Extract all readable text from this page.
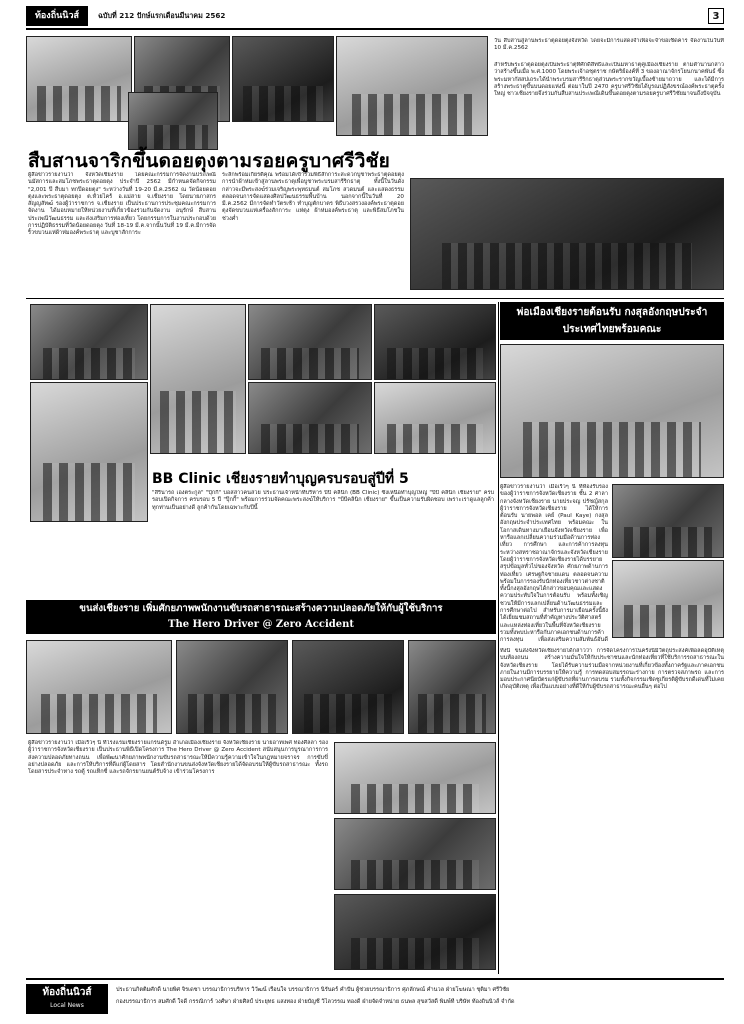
ท้องถิ่นนิวส์	ฉบับที่ 212 ปักษ์แรกเดือนมีนาคม 2562	3
สืบสานจาริกขึ้นดอยตุงตามรอยครูบาศรีวิชัย
วัน สืบสานสู่ลานพระธาตุดอยตุงจังหวัด โดยจะมีการแสดงจำเพื่อจะจำขอเชิดคาร จัดงานในวันที่ 10 มี.ค.2562
สำหรับพระธาตุดอยตุงเป็นพระธาตุที่ศักดิ์สิทธิ์และเป็นมหาธาตุคู่เมืองเชียงราย ตามตำนานกล่าวว่าสร้างขึ้นเมื่อ พ.ศ.1000 โดยพระเจ้าอชุตราช กษัตริย์องค์ที่ 3 ของอาณาจักรโยนกนาคพันธ์ ซึ่งพระมหากัสสปเถระได้นำพระบรมสารีริกธาตุส่วนพระรากขวัญเบื้องซ้ายมาถวาย และได้มีการสร้างพระธาตุขึ้นบนดอยแห่งนี้ ต่อมาในปี 2470 ครูบาศรีวิชัยได้บูรณปฏิสังขรณ์องค์พระธาตุครั้งใหญ่ ชาวเชียงรายจึงร่วมกันสืบสานประเพณีเดินขึ้นดอยตุงตามรอยครูบาศรีวิชัยมาจนถึงปัจจุบัน
ผู้สื่อข่าวรายงานว่า จังหวัดเชียงราย โดยคณะกรรมการจัดงานประเพณีนมัสการและสมโภชพระธาตุดอยตุง ประจำปี 2562 มีกำหนดจัดกิจกรรม "2,001 ปี สืบมา ทกปีดอยตุง" ระหว่างวันที่ 19-20 มี.ค.2562 ณ วัดน้อยดอยตุงและพระธาตุดอยตุง ต.ห้วยไคร้ อ.แม่สาย จ.เชียงราย โดยนายภาสกร สัญญสัทฒ์ รองผู้ว่าราชการ จ.เชียงราย เป็นประธานการประชุมคณะกรรมการจัดงาน ได้มอบหมายให้หน่วยงานที่เกี่ยวข้องร่วมกันจัดงาน อนุรักษ์ สืบสานประเพณีวัฒนธรรม และส่งเสริมการท่องเที่ยว โดยกรรมการในงานประกอบด้วยการปฏิบัติธรรมที่วัดน้อยดอยตุง วันที่ 18-19 มี.ค.จากนั้นวันที่ 19 มี.ค.มีการจัดริ้วขบวนแห่ผ้าห่มองค์พระธาตุ และบูชาสักการะ
ระลึกพร้อมเกียรติคุณ พร้อมได้เข้าร่วมพิธีสักการะสะดวกบูชาพระธาตุดอยตุง การนำผ้าห่มเข้าสู่ลานพระธาตุเพื่อบูชาพระบรมสารีริกธาตุ ทั้งนี้ในวันดังกล่าวจะมีพระสงฆ์ร่วมเจริญพระพุทธมนต์ สมโภช สวดมนต์ และแสดงธรรม ตลอดจนการจัดแสดงศิลปวัฒนธรรมพื้นบ้าน นอกจากนี้ในวันที่ 20 มี.ค.2562 มีการจัดทำวัตรเช้า ทำบุญตักบาตร พิธีบวงสรวงองค์พระธาตุดอยตุงจัดขบวนแห่เครื่องสักการะ แห่ตุง ผ้าห่มองค์พระธาตุ และพิธีสมโภชในช่วงค่ำ
BB Clinic เชียงรายทำบุญครบรอบสู่ปีที่ 5
"สิรินารถ เองตระกูล" "ปุ๊กกี้" บอสสาวคนสวย ประธานเจ้าหน้าที่บริหาร บีบี คลินิก (BB Clinic) ซึ่งเหนือทำบุญใหญ่ "บีบี คลินิก เชียงราย" ครบรอบเปิดกิจการ ครบรอบ 5 ปี "ปุ๊กกี้" พร้อมการร่วมจัดคณะพระสงฆ์ให้บริการ "บีบีคลินิก เชียงราย" ขึ้นเป็นความรับผิดชอบ เพราะเราดูแลลูกค้าทุกท่านเป็นอย่างดี ลูกค้ากันโดยเฉพาะกับปีนี้
พ่อเมืองเชียงรายต้อนรับ กงสุลอังกฤษประจำประเทศไทยพร้อมคณะ
ผู้สื่อข่าวรายงานว่า เมื่อเร็วๆ นี้ ที่ห้องรับรองของผู้ว่าราชการจังหวัดเชียงราย ชั้น 2 ศาลากลางจังหวัดเชียงราย นายประจญ ปรัชญ์สกุล ผู้ว่าราชการจังหวัดเชียงราย ได้ให้การต้อนรับ นายพอล เคย์ (Paul Kaye) กงสุลอังกฤษประจำประเทศไทย พร้อมคณะ ในโอกาสเดินทางมาเยือนจังหวัดเชียงราย เพื่อหารือแลกเปลี่ยนความร่วมมือด้านการท่องเที่ยว การศึกษา และการค้าการลงทุน ระหว่างสหราชอาณาจักรและจังหวัดเชียงราย โดยผู้ว่าราชการจังหวัดเชียงรายได้บรรยายสรุปข้อมูลทั่วไปของจังหวัด ศักยภาพด้านการท่องเที่ยว เศรษฐกิจชายแดน ตลอดจนความพร้อมในการรองรับนักท่องเที่ยวชาวต่างชาติ ทั้งนี้กงสุลอังกฤษได้กล่าวขอบคุณและแสดงความประทับใจในการต้อนรับ พร้อมทั้งเชิญชวนให้มีการแลกเปลี่ยนด้านวัฒนธรรมและการศึกษาต่อไป สำหรับการมาเยือนครั้งนี้ยังได้เยี่ยมชมสถานที่สำคัญทางประวัติศาสตร์และแหล่งท่องเที่ยวในพื้นที่จังหวัดเชียงราย รวมทั้งพบปะหารือกับภาคเอกชนด้านการค้าการลงทุน เพื่อส่งเสริมความสัมพันธ์อันดี
ขนส่งเชียงราย เพิ่มศักยภาพพนักงานขับรถสาธารณะสร้างความปลอดภัยให้กับผู้ใช้บริการ
The Hero Driver @ Zero Accident
ผู้สื่อข่าวรายงานว่า เมื่อเร็วๆ นี้ ที่โรงแรมเชียงรายแกรนด์รูม อำเภอเมืองเชียงราย จังหวัดเชียงราย นายอาทเพศ ทองศิลลา รองผู้ว่าราชการจังหวัดเชียงราย เป็นประธานพิธีเปิดโครงการ The Hero Driver @ Zero Accident สนับสนุนการบูรณาการการส่งความปลอดภัยทางถนน เพื่อพัฒนาศักยภาพพนักงานขับรถสาธารณะให้มีความรู้ความเข้าใจในกฎหมายจราจร การขับขี่อย่างปลอดภัย และการให้บริการที่ดีแก่ผู้โดยสาร โดยสำนักงานขนส่งจังหวัดเชียงรายได้จัดอบรมให้ผู้ขับรถสาธารณะ ทั้งรถโดยสารประจำทาง รถตู้ รถแท็กซี่ และรถจักรยานยนต์รับจ้าง เข้าร่วมโครงการ
ทั้งนี้ ขนส่งจังหวัดเชียงรายได้กล่าวว่า การจัดโครงการในครั้งนี้มีวัตถุประสงค์เพื่อลดอุบัติเหตุบนท้องถนน สร้างความมั่นใจให้กับประชาชนและนักท่องเที่ยวที่ใช้บริการรถสาธารณะในจังหวัดเชียงราย โดยได้รับความร่วมมือจากหน่วยงานที่เกี่ยวข้องทั้งภาครัฐและภาคเอกชน ภายในงานมีการบรรยายให้ความรู้ การทดสอบสมรรถนะร่างกาย การตรวจสภาพรถ และการมอบประกาศนียบัตรแก่ผู้ขับรถที่ผ่านการอบรม รวมทั้งกิจกรรมเชิดชูเกียรติผู้ขับรถดีเด่นที่ไม่เคยเกิดอุบัติเหตุ เพื่อเป็นแบบอย่างที่ดีให้กับผู้ขับรถสาธารณะคนอื่นๆ ต่อไป
ท้องถิ่นนิวส์
Local News
ประธานกิตติมศักดิ์ นายพิศ จิรเดชา บรรณาธิการบริหาร วิวัฒน์ เรือนใจ บรรณาธิการ นิรันดร์ คำปัน ผู้ช่วยบรรณาธิการ ศุภลักษณ์ คำนวล ฝ่ายโฆษณา ชุติมา ศรีวิชัย
กองบรรณาธิการ สมศักดิ์ ใจดี กรรณิการ์ วงศ์ษา ฝ่ายศิลป์ ประยุทธ แสงทอง ฝ่ายบัญชี วิไลวรรณ ทองดี ฝ่ายจัดจำหน่าย ธนพล สุขสวัสดิ์ พิมพ์ที่ บริษัท ท้องถิ่นนิวส์ จำกัด
